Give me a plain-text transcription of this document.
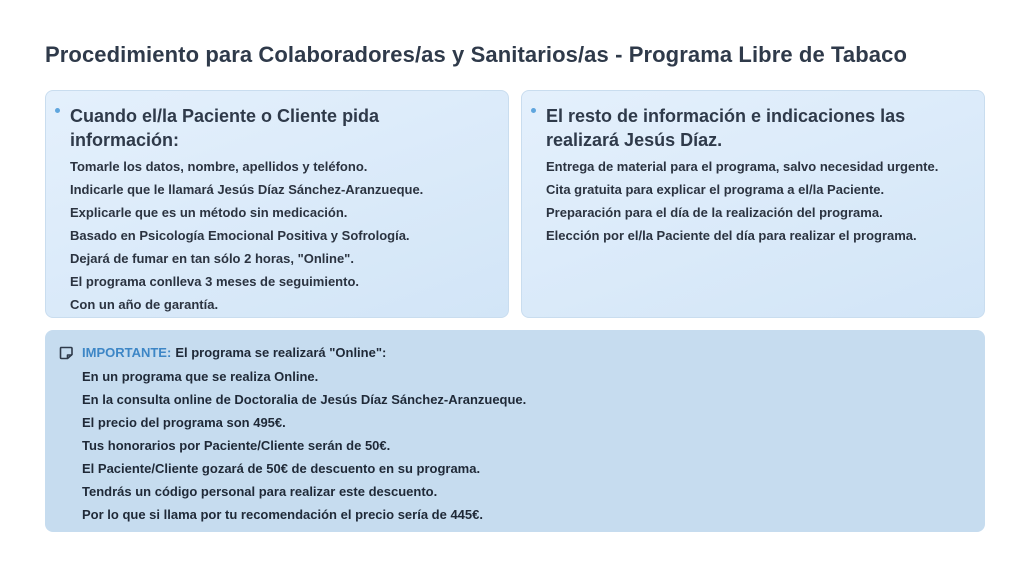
Procedimiento para Colaboradores/as y Sanitarios/as - Programa Libre de Tabaco
Cuando el/la Paciente o Cliente pida información:
Tomarle los datos, nombre, apellidos y teléfono.
Indicarle que le llamará Jesús Díaz Sánchez-Aranzueque.
Explicarle que es un método sin medicación.
Basado en Psicología Emocional Positiva y Sofrología.
Dejará de fumar en tan sólo 2 horas, "Online".
El programa conlleva 3 meses de seguimiento.
Con un año de garantía.
El resto de información e indicaciones las realizará Jesús Díaz.
Entrega de material para el programa, salvo necesidad urgente.
Cita gratuita para explicar el programa a el/la Paciente.
Preparación para el día de la realización del programa.
Elección por el/la Paciente del día para realizar el programa.
IMPORTANTE: El programa se realizará "Online":
En un programa que se realiza Online.
En la consulta online de Doctoralia de Jesús Díaz Sánchez-Aranzueque.
El precio del programa son 495€.
Tus honorarios por Paciente/Cliente serán de 50€.
El Paciente/Cliente gozará de 50€ de descuento en su programa.
Tendrás un código personal para realizar este descuento.
Por lo que si llama por tu recomendación el precio sería de 445€.
